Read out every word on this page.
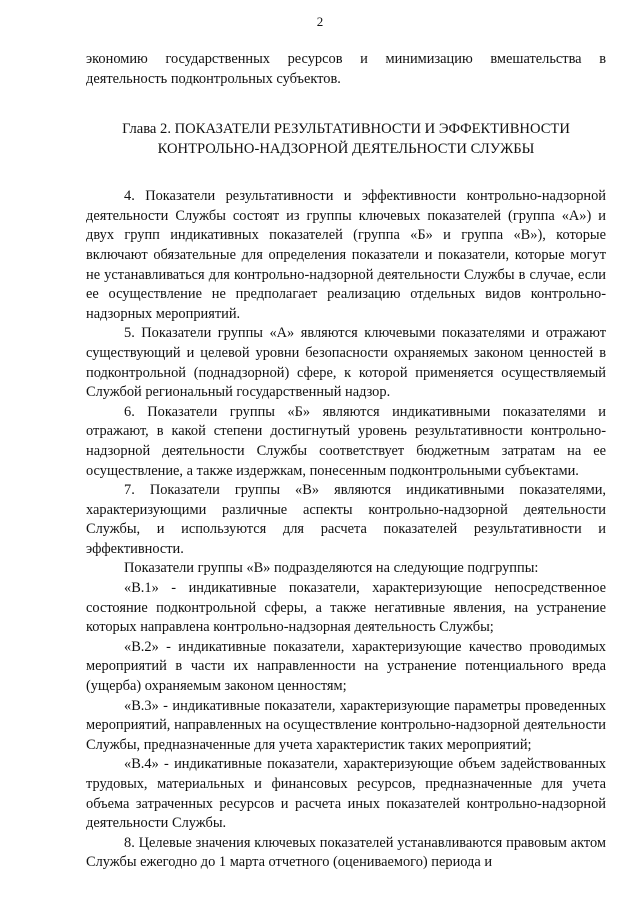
2

экономию государственных ресурсов и минимизацию вмешательства в деятельность подконтрольных субъектов.

Глава 2. ПОКАЗАТЕЛИ РЕЗУЛЬТАТИВНОСТИ И ЭФФЕКТИВНОСТИ
КОНТРОЛЬНО-НАДЗОРНОЙ ДЕЯТЕЛЬНОСТИ СЛУЖБЫ

4. Показатели результативности и эффективности контрольно-надзорной деятельности Службы состоят из группы ключевых показателей (группа «А») и двух групп индикативных показателей (группа «Б» и группа «В»), которые включают обязательные для определения показатели и показатели, которые могут не устанавливаться для контрольно-надзорной деятельности Службы в случае, если ее осуществление не предполагает реализацию отдельных видов контрольно-надзорных мероприятий.

5. Показатели группы «А» являются ключевыми показателями и отражают существующий и целевой уровни безопасности охраняемых законом ценностей в подконтрольной (поднадзорной) сфере, к которой применяется осуществляемый Службой региональный государственный надзор.

6. Показатели группы «Б» являются индикативными показателями и отражают, в какой степени достигнутый уровень результативности контрольно-надзорной деятельности Службы соответствует бюджетным затратам на ее осуществление, а также издержкам, понесенным подконтрольными субъектами.

7. Показатели группы «В» являются индикативными показателями, характеризующими различные аспекты контрольно-надзорной деятельности Службы, и используются для расчета показателей результативности и эффективности.

Показатели группы «В» подразделяются на следующие подгруппы:

«В.1» - индикативные показатели, характеризующие непосредственное состояние подконтрольной сферы, а также негативные явления, на устранение которых направлена контрольно-надзорная деятельность Службы;

«В.2» - индикативные показатели, характеризующие качество проводимых мероприятий в части их направленности на устранение потенциального вреда (ущерба) охраняемым законом ценностям;

«В.3» - индикативные показатели, характеризующие параметры проведенных мероприятий, направленных на осуществление контрольно-надзорной деятельности Службы, предназначенные для учета характеристик таких мероприятий;

«В.4» - индикативные показатели, характеризующие объем задействованных трудовых, материальных и финансовых ресурсов, предназначенные для учета объема затраченных ресурсов и расчета иных показателей контрольно-надзорной деятельности Службы.

8. Целевые значения ключевых показателей устанавливаются правовым актом Службы ежегодно до 1 марта отчетного (оцениваемого) периода и
